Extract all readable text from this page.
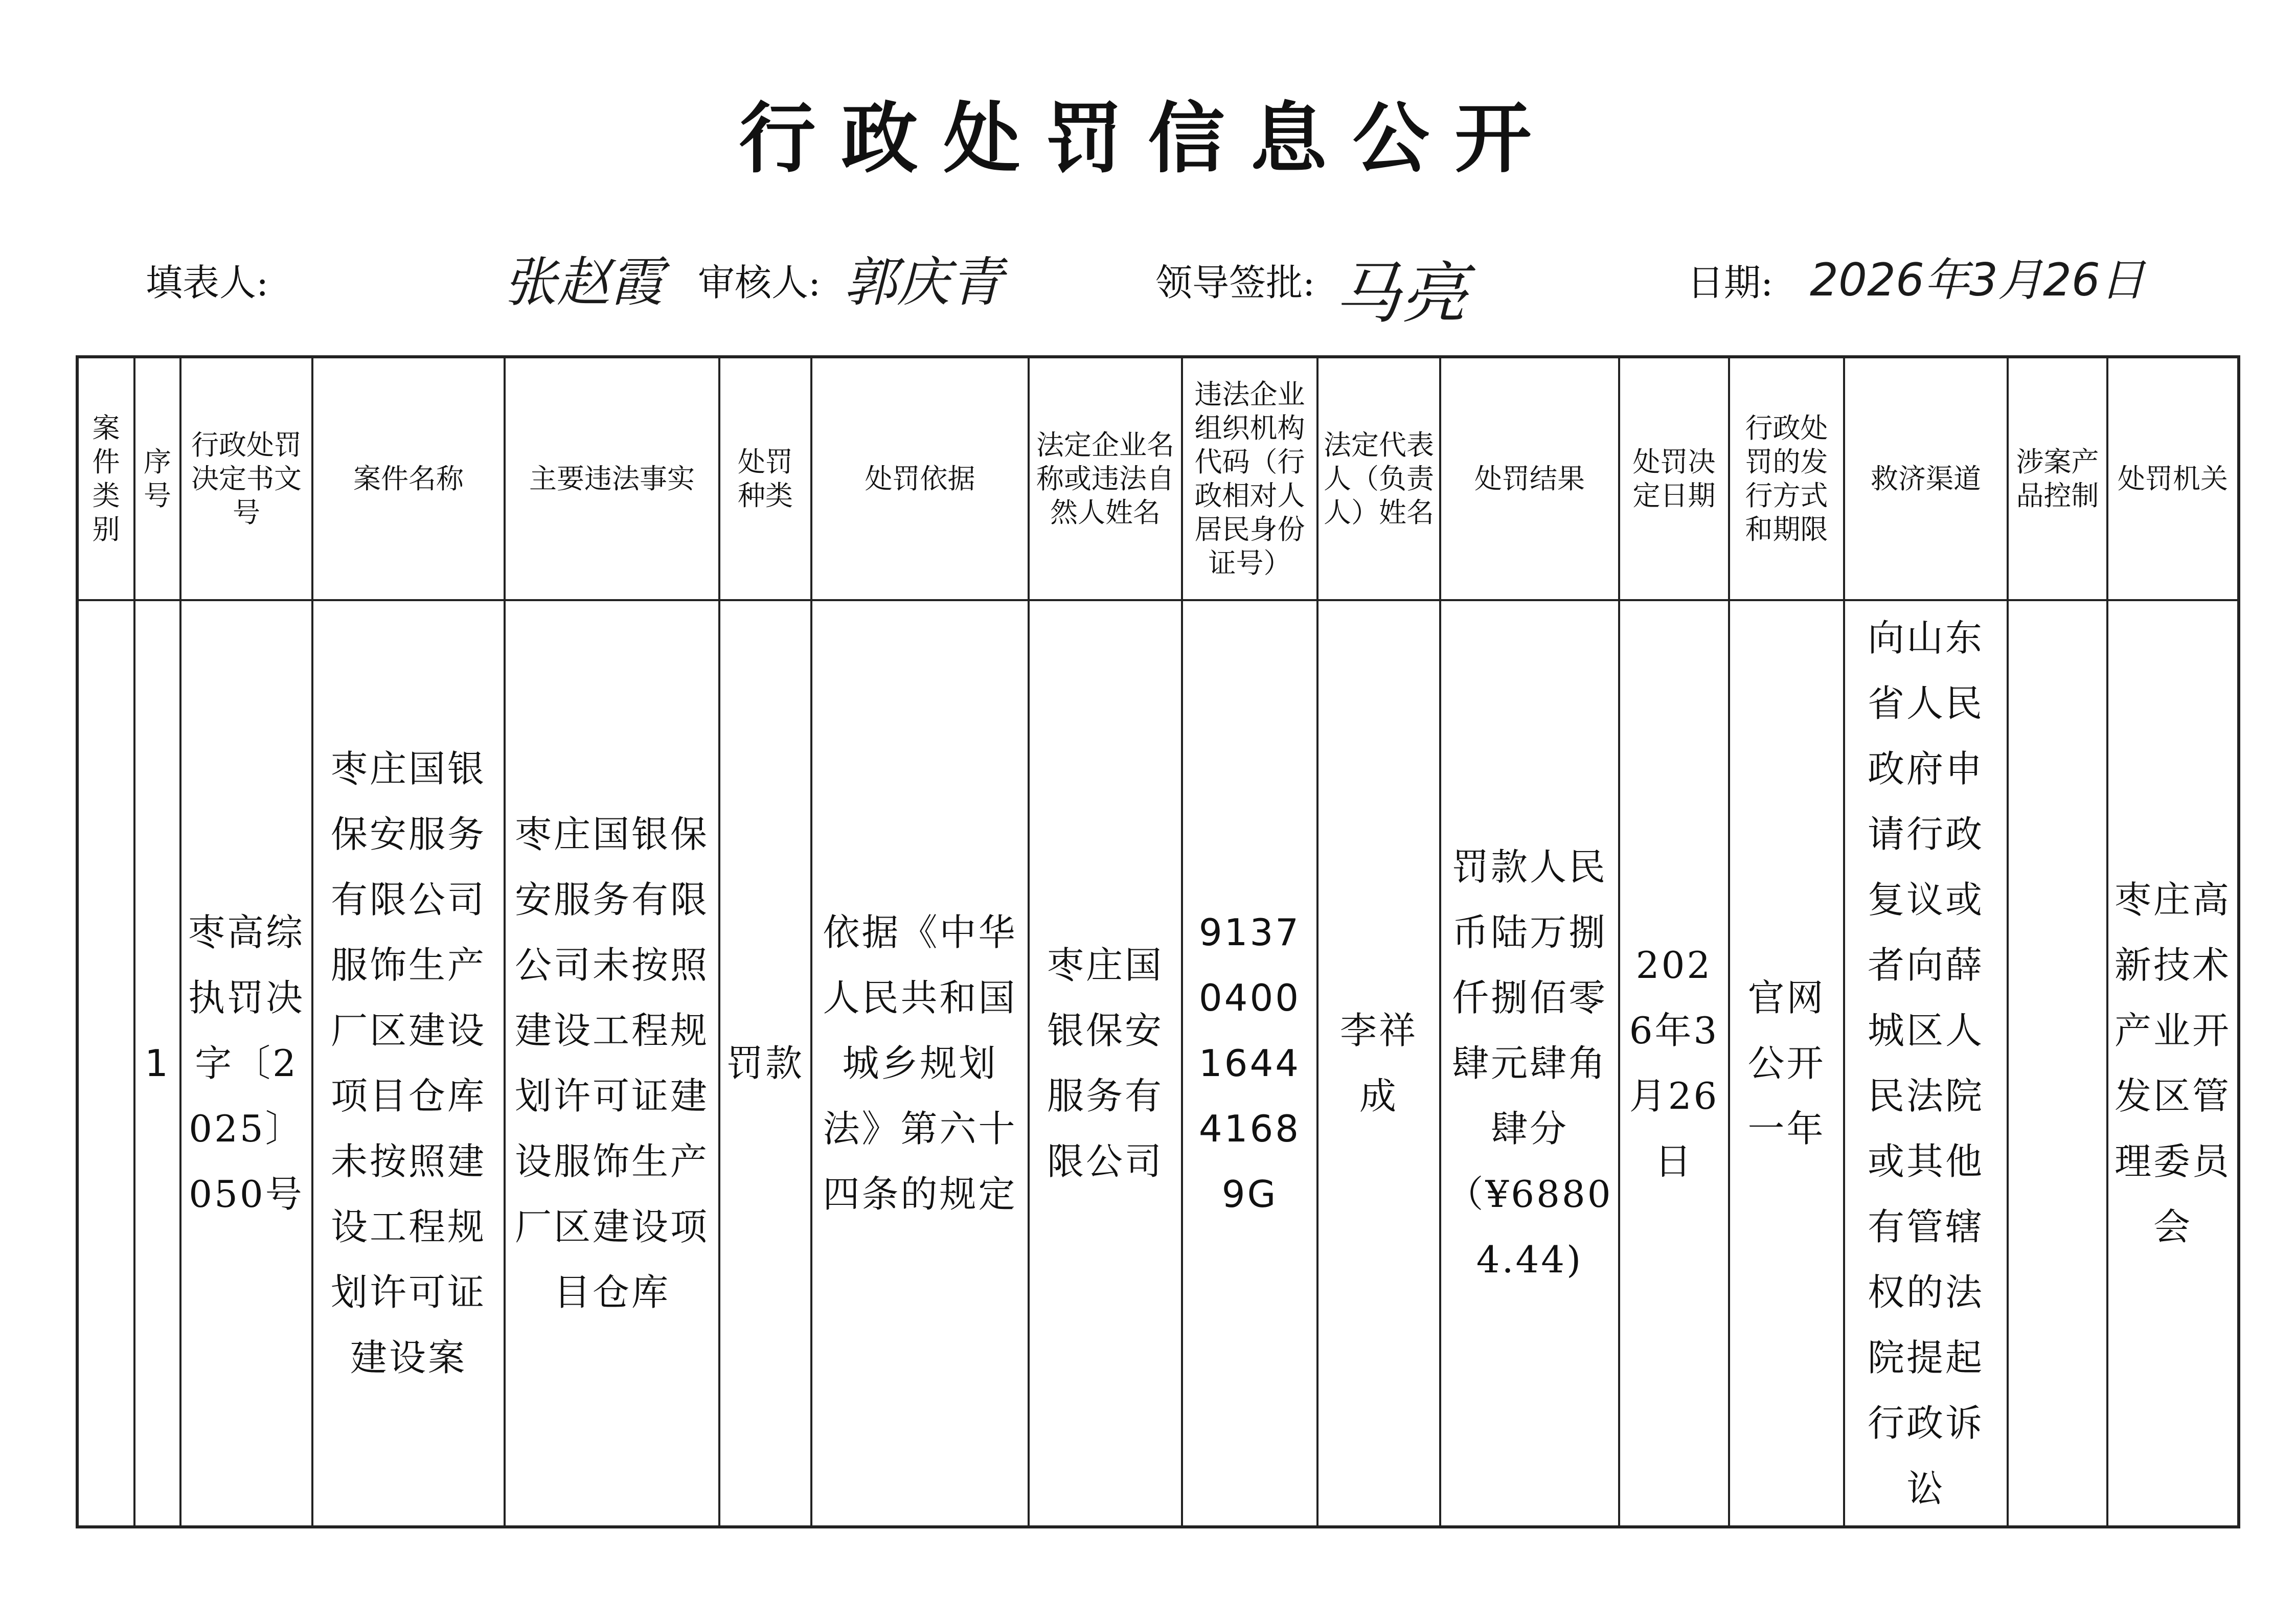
行政处罚信息公开
填表人:	张赵霞 审核人: 郭庆青	领导签批: 马亮	日期: 2026年3月26日
案件类别	序号	行政处罚决定书文号	案件名称	主要违法事实	处罚种类	处罚依据	法定企业名称或违法自然人姓名	违法企业组织机构代码（行政相对人居民身份证号）	法定代表人（负责人）姓名	处罚结果	处罚决定日期	行政处罚的发行方式和期限	救济渠道	涉案产品控制	处罚机关
	1	枣高综执罚决字〔2025〕050号	枣庄国银保安服务有限公司服饰生产厂区建设项目仓库未按照建设工程规划许可证建设案	枣庄国银保安服务有限公司未按照建设工程规划许可证建设服饰生产厂区建设项目仓库	罚款	依据《中华人民共和国城乡规划法》第六十四条的规定	枣庄国银保安服务有限公司	9137040016444168 9G	李祥成	罚款人民币陆万捌仟捌佰零肆元肆角肆分（¥68804.44)	2026年3月26日	官网公开一年	向山东省人民政府申请行政复议或者向薛城区人民法院或其他有管辖权的法院提起行政诉讼		枣庄高新技术产业开发区管理委员会
